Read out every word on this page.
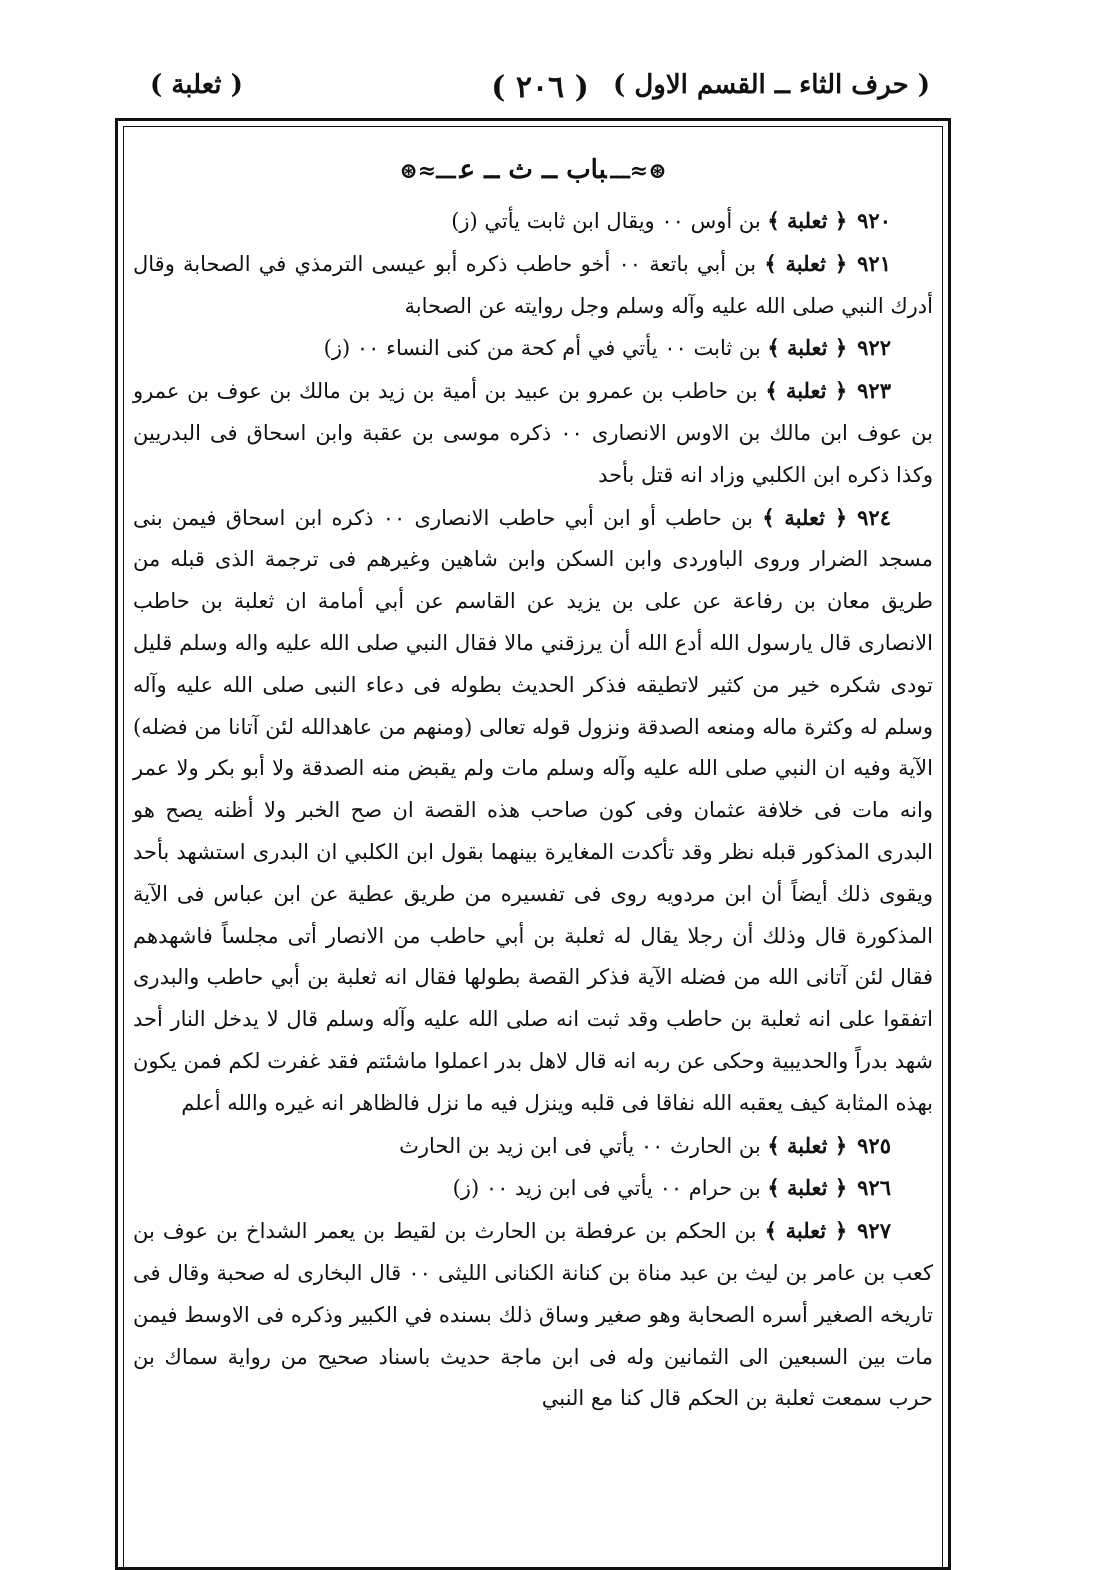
( حرف الثاء ــ القسم الاول )
( ٢٠٦ )
( ثعلبة )
⊛≈ـــباب ــ ث ــ عـــ≈⊛

٩٢٠﴿ ثعلبة ﴾ بن أوس ٠٠ ويقال ابن ثابت يأتي (ز)

٩٢١﴿ ثعلبة ﴾ بن أبي باتعة ٠٠ أخو حاطب ذكره أبو عيسى الترمذي في الصحابة وقال أدرك النبي صلى الله عليه وآله وسلم وجل روايته عن الصحابة

٩٢٢﴿ ثعلبة ﴾ بن ثابت ٠٠ يأتي في أم كحة من كنى النساء ٠٠ (ز)

٩٢٣﴿ ثعلبة ﴾ بن حاطب بن عمرو بن عبيد بن أمية بن زيد بن مالك بن عوف بن عمرو بن عوف ابن مالك بن الاوس الانصارى ٠٠ ذكره موسى بن عقبة وابن اسحاق فى البدريين وكذا ذكره ابن الكلبي وزاد انه قتل بأحد

٩٢٤﴿ ثعلبة ﴾ بن حاطب أو ابن أبي حاطب الانصارى ٠٠ ذكره ابن اسحاق فيمن بنى مسجد الضرار وروى الباوردى وابن السكن وابن شاهين وغيرهم فى ترجمة الذى قبله من طريق معان بن رفاعة عن على بن يزيد عن القاسم عن أبي أمامة ان ثعلبة بن حاطب الانصارى قال يارسول الله أدع الله أن يرزقني مالا فقال النبي صلى الله عليه واله وسلم قليل تودى شكره خير من كثير لاتطيقه فذكر الحديث بطوله فى دعاء النبى صلى الله عليه وآله وسلم له وكثرة ماله ومنعه الصدقة ونزول قوله تعالى (ومنهم من عاهدالله لئن آتانا من فضله) الآية وفيه ان النبي صلى الله عليه وآله وسلم مات ولم يقبض منه الصدقة ولا أبو بكر ولا عمر وانه مات فى خلافة عثمان وفى كون صاحب هذه القصة ان صح الخبر ولا أظنه يصح هو البدرى المذكور قبله نظر وقد تأكدت المغايرة بينهما بقول ابن الكلبي ان البدرى استشهد بأحد ويقوى ذلك أيضاً أن ابن مردويه روى فى تفسيره من طريق عطية عن ابن عباس فى الآية المذكورة قال وذلك أن رجلا يقال له ثعلبة بن أبي حاطب من الانصار أتى مجلساً فاشهدهم فقال لئن آتانى الله من فضله الآية فذكر القصة بطولها فقال انه ثعلبة بن أبي حاطب والبدرى اتفقوا على انه ثعلبة بن حاطب وقد ثبت انه صلى الله عليه وآله وسلم قال لا يدخل النار أحد شهد بدراً والحديبية وحكى عن ربه انه قال لاهل بدر اعملوا ماشئتم فقد غفرت لكم فمن يكون بهذه المثابة كيف يعقبه الله نفاقا فى قلبه وينزل فيه ما نزل فالظاهر انه غيره والله أعلم

٩٢٥﴿ ثعلبة ﴾ بن الحارث ٠٠ يأتي فى ابن زيد بن الحارث

٩٢٦﴿ ثعلبة ﴾ بن حرام ٠٠ يأتي فى ابن زيد ٠٠ (ز)

٩٢٧﴿ ثعلبة ﴾ بن الحكم بن عرفطة بن الحارث بن لقيط بن يعمر الشداخ بن عوف بن كعب بن عامر بن ليث بن عبد مناة بن كنانة الكنانى الليثى ٠٠ قال البخارى له صحبة وقال فى تاريخه الصغير أسره الصحابة وهو صغير وساق ذلك بسنده في الكبير وذكره فى الاوسط فيمن مات بين السبعين الى الثمانين وله فى ابن ماجة حديث باسناد صحيح من رواية سماك بن حرب سمعت ثعلبة بن الحكم قال كنا مع النبي
